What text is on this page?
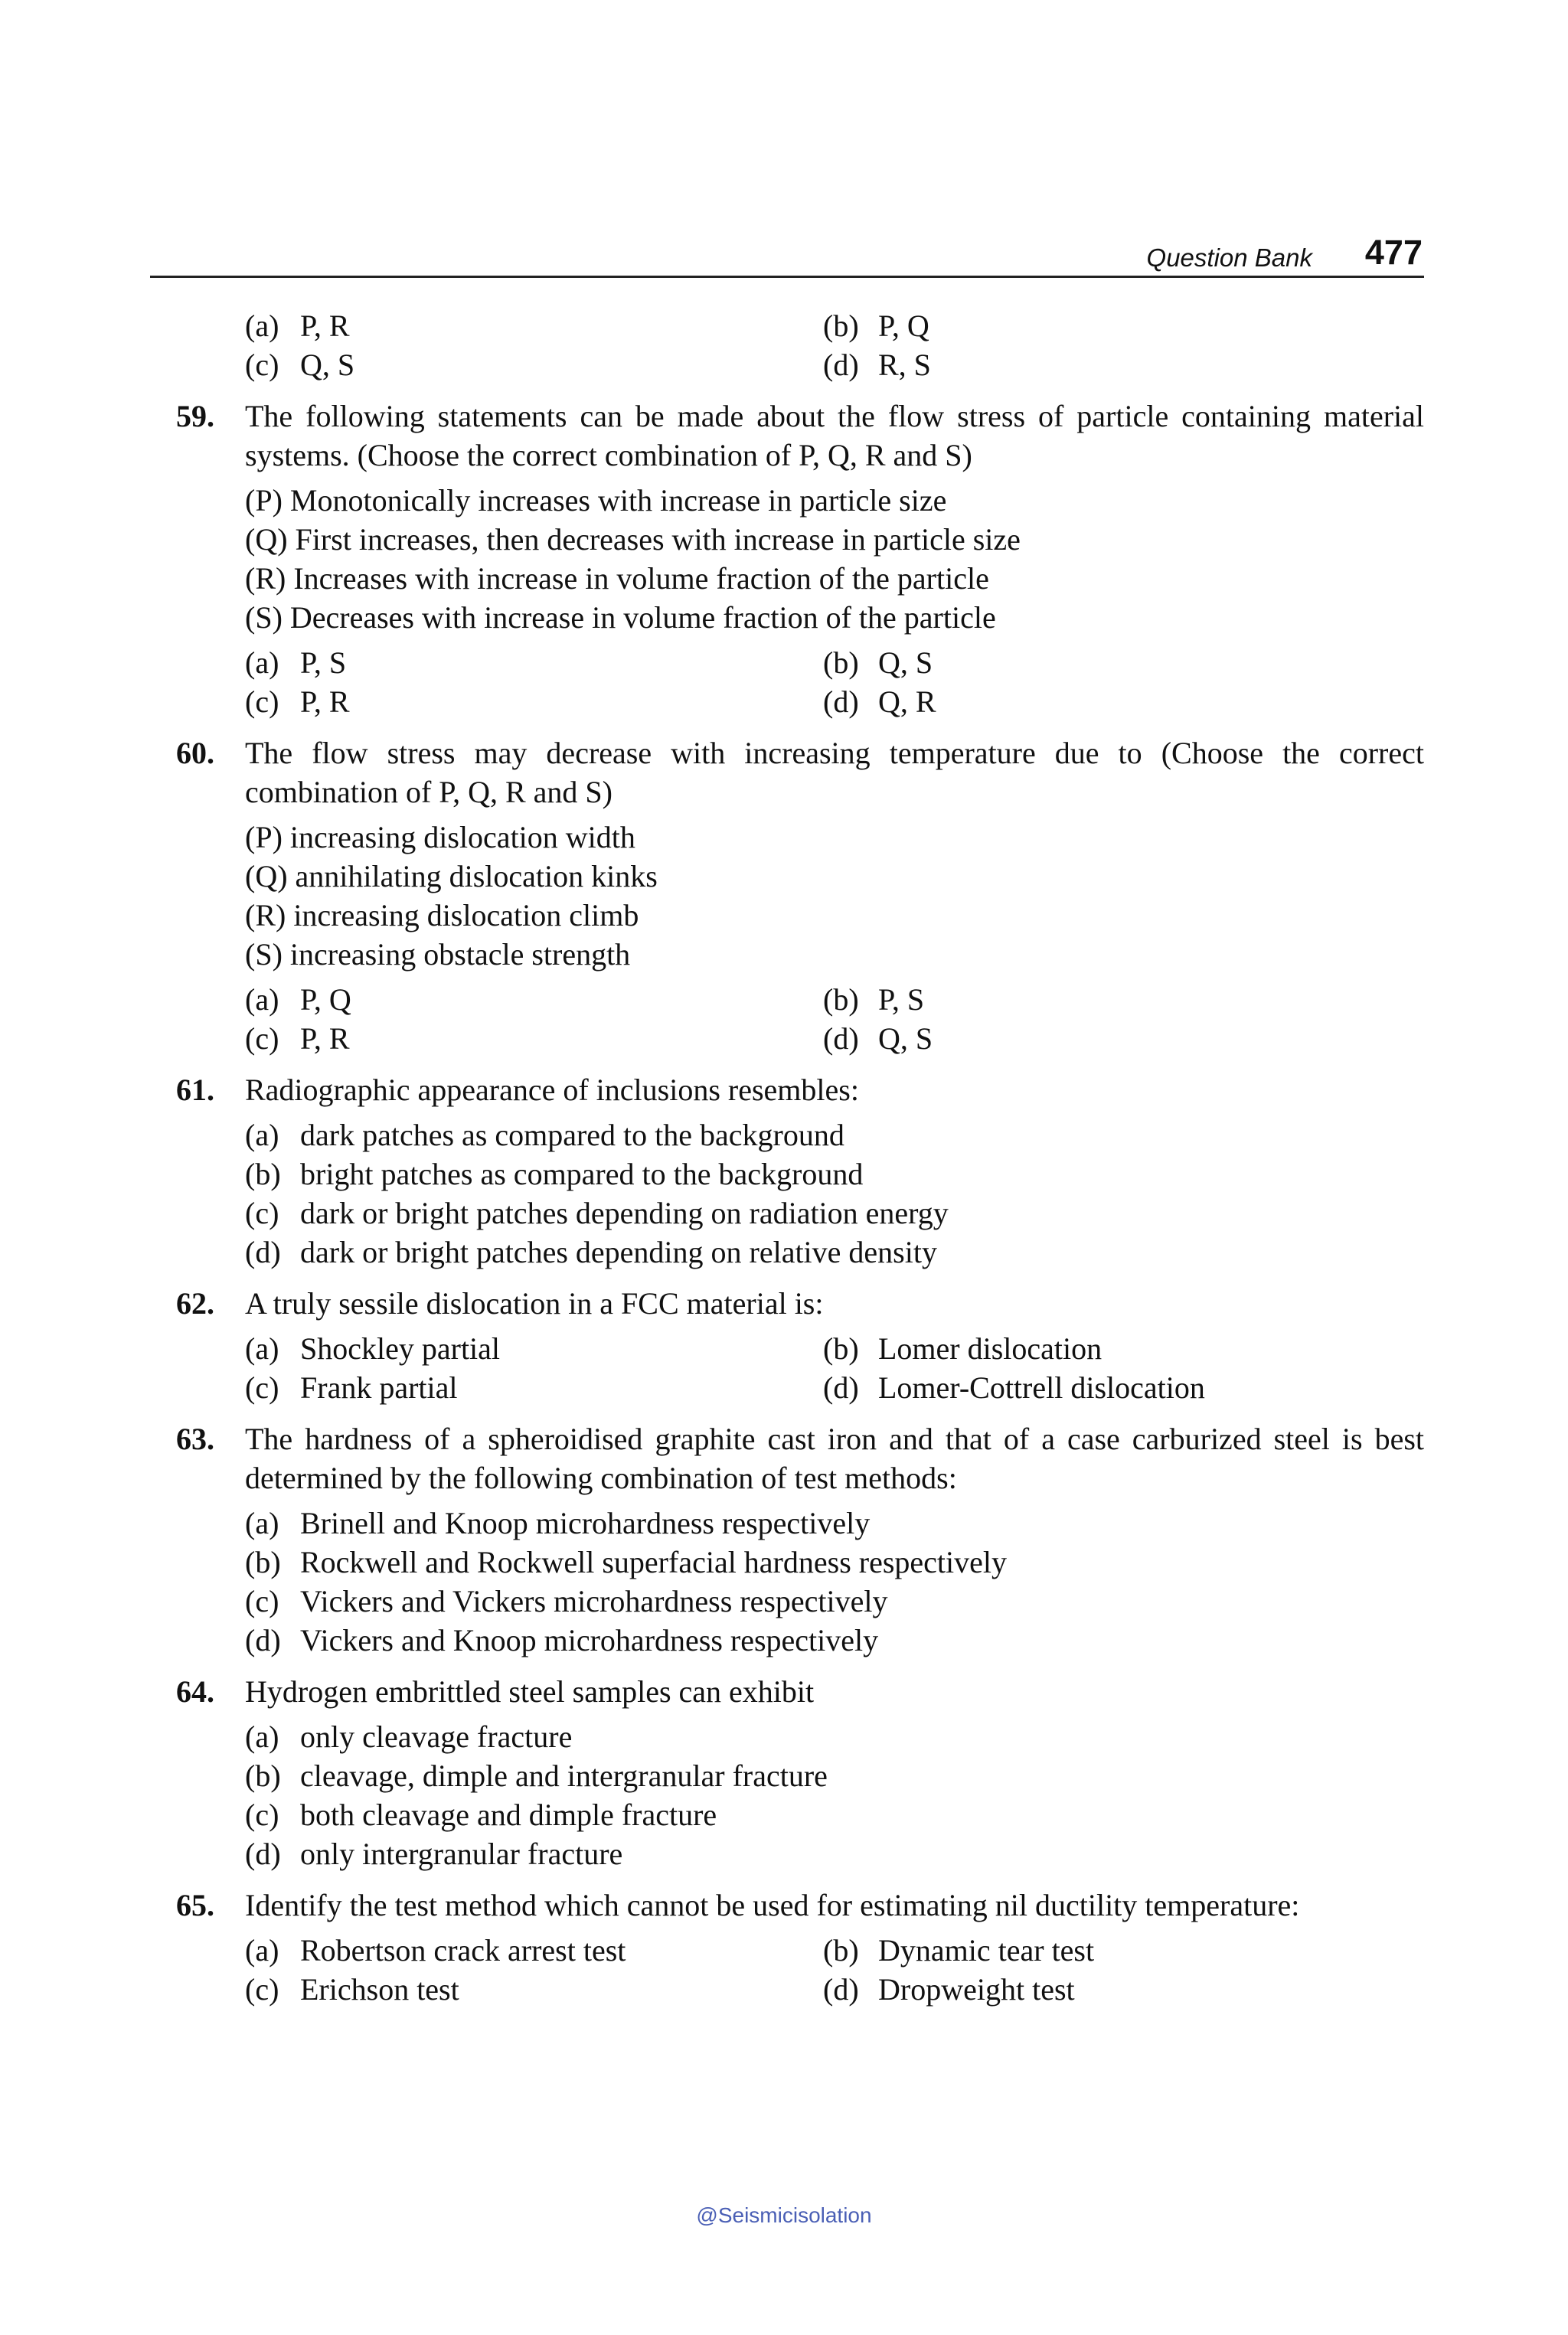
Question Bank 477
(a) P, R	(b) P, Q
(c) Q, S	(d) R, S
59.	The following statements can be made about the flow stress of particle containing material systems. (Choose the correct combination of P, Q, R and S)
(P) Monotonically increases with increase in particle size
(Q) First increases, then decreases with increase in particle size
(R) Increases with increase in volume fraction of the particle
(S) Decreases with increase in volume fraction of the particle
(a) P, S	(b) Q, S
(c) P, R	(d) Q, R
60.	The flow stress may decrease with increasing temperature due to (Choose the correct combination of P, Q, R and S)
(P) increasing dislocation width
(Q) annihilating dislocation kinks
(R) increasing dislocation climb
(S) increasing obstacle strength
(a) P, Q	(b) P, S
(c) P, R	(d) Q, S
61.	Radiographic appearance of inclusions resembles:
(a) dark patches as compared to the background
(b) bright patches as compared to the background
(c) dark or bright patches depending on radiation energy
(d) dark or bright patches depending on relative density
62.	A truly sessile dislocation in a FCC material is:
(a) Shockley partial	(b) Lomer dislocation
(c) Frank partial	(d) Lomer-Cottrell dislocation
63.	The hardness of a spheroidised graphite cast iron and that of a case carburized steel is best determined by the following combination of test methods:
(a) Brinell and Knoop microhardness respectively
(b) Rockwell and Rockwell superfacial hardness respectively
(c) Vickers and Vickers microhardness respectively
(d) Vickers and Knoop microhardness respectively
64.	Hydrogen embrittled steel samples can exhibit
(a) only cleavage fracture
(b) cleavage, dimple and intergranular fracture
(c) both cleavage and dimple fracture
(d) only intergranular fracture
65.	Identify the test method which cannot be used for estimating nil ductility temperature:
(a) Robertson crack arrest test	(b) Dynamic tear test
(c) Erichson test	(d) Dropweight test
@Seismicisolation
